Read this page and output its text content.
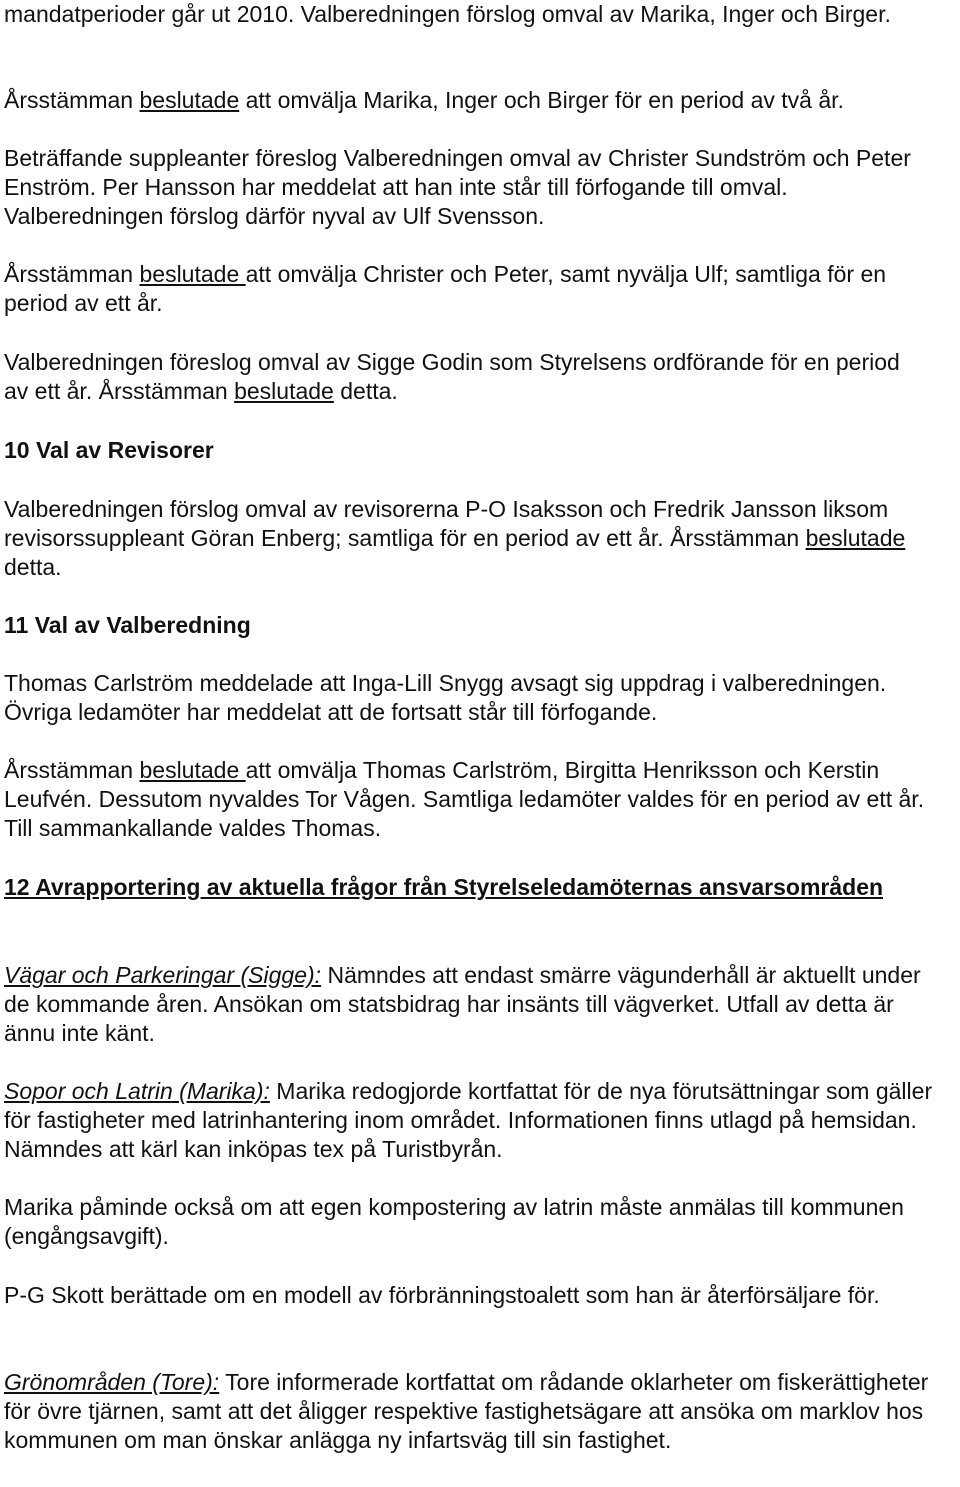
mandatperioder går ut 2010. Valberedningen förslog omval av Marika, Inger och Birger.

Årsstämman beslutade att omvälja Marika, Inger och Birger för en period av två år.

Beträffande suppleanter föreslog Valberedningen omval av Christer Sundström och Peter Enström. Per Hansson har meddelat att han inte står till förfogande till omval. Valberedningen förslog därför nyval av Ulf Svensson.

Årsstämman beslutade att omvälja Christer och Peter, samt nyvälja Ulf; samtliga för en period av ett år.

Valberedningen föreslog omval av Sigge Godin som Styrelsens ordförande för en period av ett år. Årsstämman beslutade detta.

10 Val av Revisorer

Valberedningen förslog omval av revisorerna P-O Isaksson och Fredrik Jansson liksom revisorssuppleant Göran Enberg; samtliga för en period av ett år. Årsstämman beslutade detta.

11 Val av Valberedning

Thomas Carlström meddelade att Inga-Lill Snygg avsagt sig uppdrag i valberedningen. Övriga ledamöter har meddelat att de fortsatt står till förfogande.

Årsstämman beslutade att omvälja Thomas Carlström, Birgitta Henriksson och Kerstin Leufvén. Dessutom nyvaldes Tor Vågen. Samtliga ledamöter valdes för en period av ett år. Till sammankallande valdes Thomas.

12 Avrapportering av aktuella frågor från Styrelseledamöternas ansvarsområden

Vägar och Parkeringar (Sigge): Nämndes att endast smärre vägunderhåll är aktuellt under de kommande åren. Ansökan om statsbidrag har insänts till vägverket. Utfall av detta är ännu inte känt.

Sopor och Latrin (Marika): Marika redogjorde kortfattat för de nya förutsättningar som gäller för fastigheter med latrinhantering inom området. Informationen finns utlagd på hemsidan. Nämndes att kärl kan inköpas tex på Turistbyrån.

Marika påminde också om att egen kompostering av latrin måste anmälas till kommunen (engångsavgift).

P-G Skott berättade om en modell av förbränningstoalett som han är återförsäljare för.

Grönområden (Tore): Tore informerade kortfattat om rådande oklarheter om fiskerättigheter för övre tjärnen, samt att det åligger respektive fastighetsägare att ansöka om marklov hos kommunen om man önskar anlägga ny infartsväg till sin fastighet.
